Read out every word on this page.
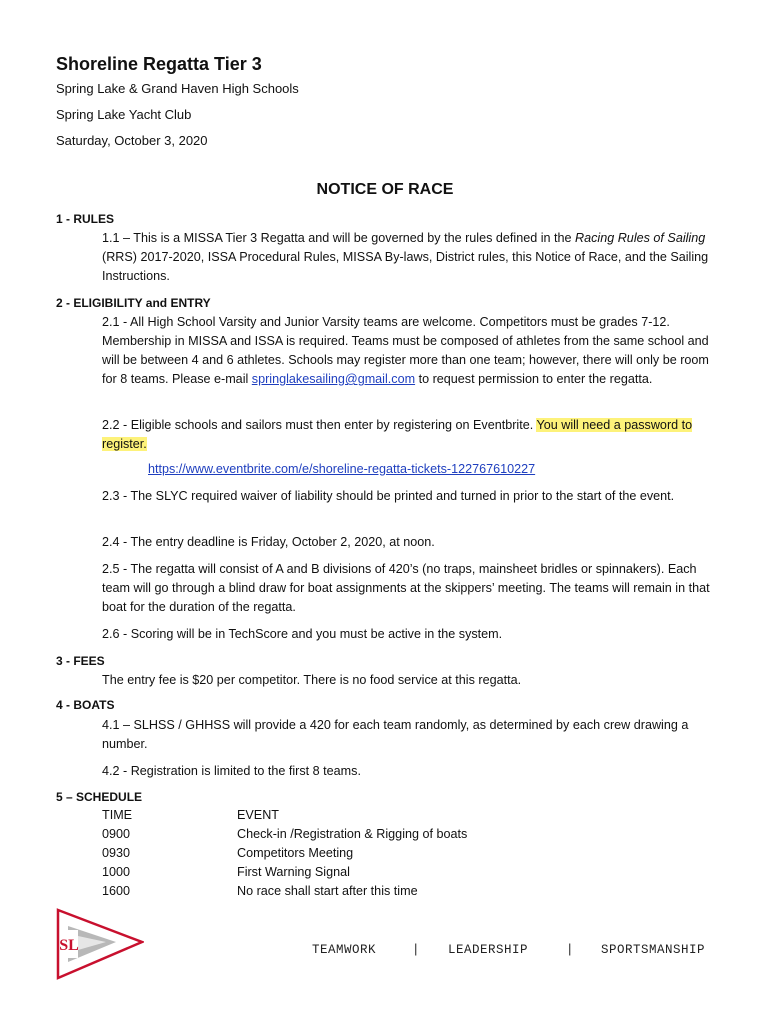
Shoreline Regatta Tier 3
Spring Lake & Grand Haven High Schools
Spring Lake Yacht Club
Saturday, October 3, 2020
NOTICE OF RACE
1 - RULES
1.1 – This is a MISSA Tier 3 Regatta and will be governed by the rules defined in the Racing Rules of Sailing (RRS) 2017-2020, ISSA Procedural Rules, MISSA By-laws, District rules, this Notice of Race, and the Sailing Instructions.
2 - ELIGIBILITY and ENTRY
2.1 - All High School Varsity and Junior Varsity teams are welcome. Competitors must be grades 7-12. Membership in MISSA and ISSA is required. Teams must be composed of athletes from the same school and will be between 4 and 6 athletes. Schools may register more than one team; however, there will only be room for 8 teams. Please e-mail springlakesailing@gmail.com to request permission to enter the regatta.
2.2 - Eligible schools and sailors must then enter by registering on Eventbrite. You will need a password to register.
https://www.eventbrite.com/e/shoreline-regatta-tickets-122767610227
2.3 - The SLYC required waiver of liability should be printed and turned in prior to the start of the event.
2.4 - The entry deadline is Friday, October 2, 2020, at noon.
2.5 - The regatta will consist of A and B divisions of 420’s (no traps, mainsheet bridles or spinnakers). Each team will go through a blind draw for boat assignments at the skippers’ meeting. The teams will remain in that boat for the duration of the regatta.
2.6 - Scoring will be in TechScore and you must be active in the system.
3 - FEES
The entry fee is $20 per competitor. There is no food service at this regatta.
4 - BOATS
4.1 – SLHSS / GHHSS will provide a 420 for each team randomly, as determined by each crew drawing a number.
4.2 - Registration is limited to the first 8 teams.
5 – SCHEDULE
TIME	EVENT
0900	Check-in /Registration & Rigging of boats
0930	Competitors Meeting
1000	First Warning Signal
1600	No race shall start after this time
SL	TEAMWORK	| LEADERSHIP	| SPORTSMANSHIP
